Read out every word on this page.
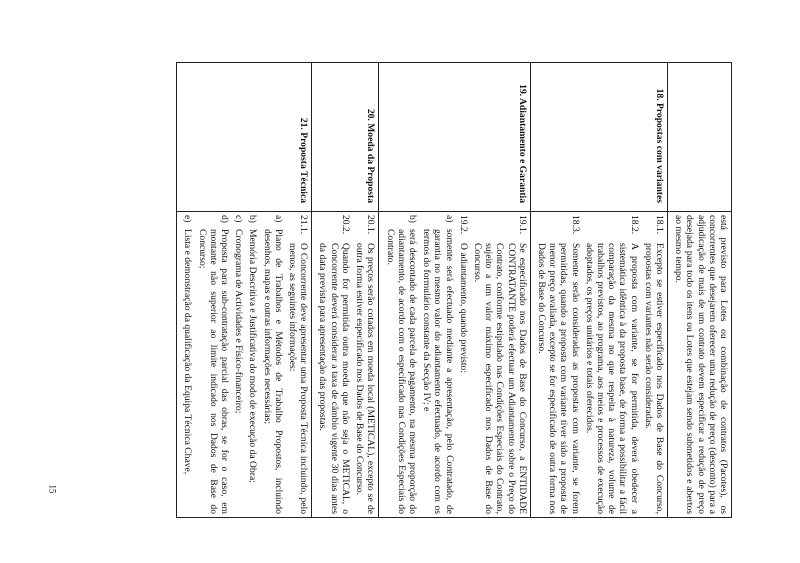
	está previsto para Lotes ou combinação de contratos (Pacotes), os concorrentes que desejarem oferecer uma redução de preço (desconto) para a adjudicação de mais de um contrato devem especificar a redução de preço desejada para todo os itens ou Lotes que estejam sendo submetidos e abertos ao mesmo tempo.

18. Propostas com variantes	
18.1.
Excepto se estiver especificado nos Dados de Base do Concurso, propostas com variantes não serão consideradas.
18.2.
A proposta com variante, se for permitida, deverá obedecer a sistemática idêntica à da proposta base, de forma a possibilitar a fácil comparação da mesma no que respeita à natureza, volume de trabalhos previstos, ao programa, aos meios e processos de execução adoptados, os preços unitários e totais oferecidos.
18.3.
Somente serão consideradas as propostas com variante, se forem permitidas, quando a proposta com variante tiver sido a proposta de menor preço avaliada, excepto se for especificado de outra forma nos Dados de Base do Concurso.

19. Adiantamento e Garantia	
19.1.
Se especificado nos Dados de Base do Concurso, a ENTIDADE CONTRATANTE poderá efectuar um Adiantamento sobre o Preço do Contrato, conforme estipulado nas Condições Especiais do Contrato, sujeito a um valor máximo especificado nos Dados de Base do Concurso.
19.2.
O adiantamento, quando previsto:
a)
somente será efectuado mediante a apresentação, pelo Contratado, de garantia no mesmo valor do adiantamento efectuado, de acordo com os termos do formulário constante da Secção IV; e
b)
será descontado de cada parcela de pagamento, na mesma proporção do adiantamento, de acordo com o especificado nas Condições Especiais do Contrato.

20. Moeda da Proposta	20.1.
Os preços serão cotados em moeda local (METICAL), excepto se de outra forma estiver especificado nos Dados de Base do Concurso.
20.2.
Quando for permitida outra moeda que não seja o METICAL, o Concorrente deverá considerar a taxa de câmbio vigente 30 dias antes da data prevista para apresentação das propostas.

21. Proposta Técnica	
21.1.
O Concorrente deve apresentar uma Proposta Técnica incluindo, pelo menos, as seguintes informações:
a)
Plano de Trabalhos e Métodos de Trabalho Propostos, incluindo desenhos, mapas e outras informações necessárias;
b)
Memória Descritiva e Justificativa do modo de execução da Obra;
c)
Cronograma de Actividades e Físico-financeiro;
d)
Proposta para sub-contratação parcial das obras, se for o caso, em montante não superior ao limite indicado nos Dados de Base do Concurso;
e)
Lista e demonstração da qualificação da Equipa Técnica Chave,
15
